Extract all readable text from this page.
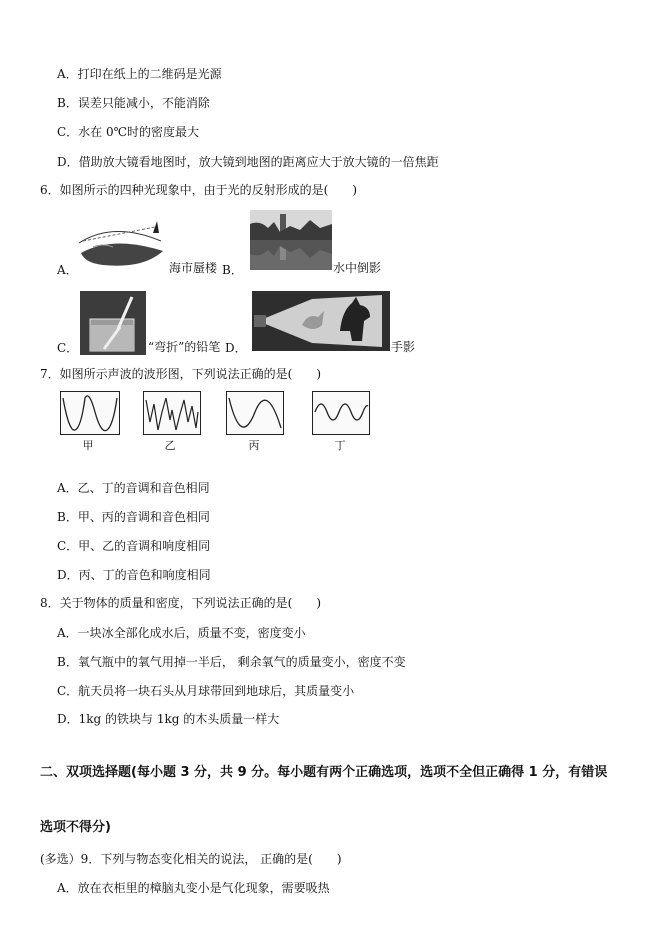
A．打印在纸上的二维码是光源
B．误差只能减小，不能消除
C．水在 0℃时的密度最大
D．借助放大镜看地图时，放大镜到地图的距离应大于放大镜的一倍焦距
6．如图所示的四种光现象中，由于光的反射形成的是(　　)
A．	海市蜃楼 B．	水中倒影
C．	“弯折”的铅笔 D．	手影
7．如图所示声波的波形图，下列说法正确的是(　　)
甲	乙	丙	丁
A．乙、丁的音调和音色相同
B．甲、丙的音调和音色相同
C．甲、乙的音调和响度相同
D．丙、丁的音色和响度相同
8．关于物体的质量和密度，下列说法正确的是(　　)
A．一块冰全部化成水后，质量不变，密度变小
B．氧气瓶中的氧气用掉一半后， 剩余氧气的质量变小，密度不变
C．航天员将一块石头从月球带回到地球后，其质量变小
D．1kg 的铁块与 1kg 的木头质量一样大
二、双项选择题(每小题 3 分，共 9 分。每小题有两个正确选项，选项不全但正确得 1 分，有错误
选项不得分)
(多选）9．下列与物态变化相关的说法， 正确的是(　　)
A．放在衣柜里的樟脑丸变小是气化现象，需要吸热
